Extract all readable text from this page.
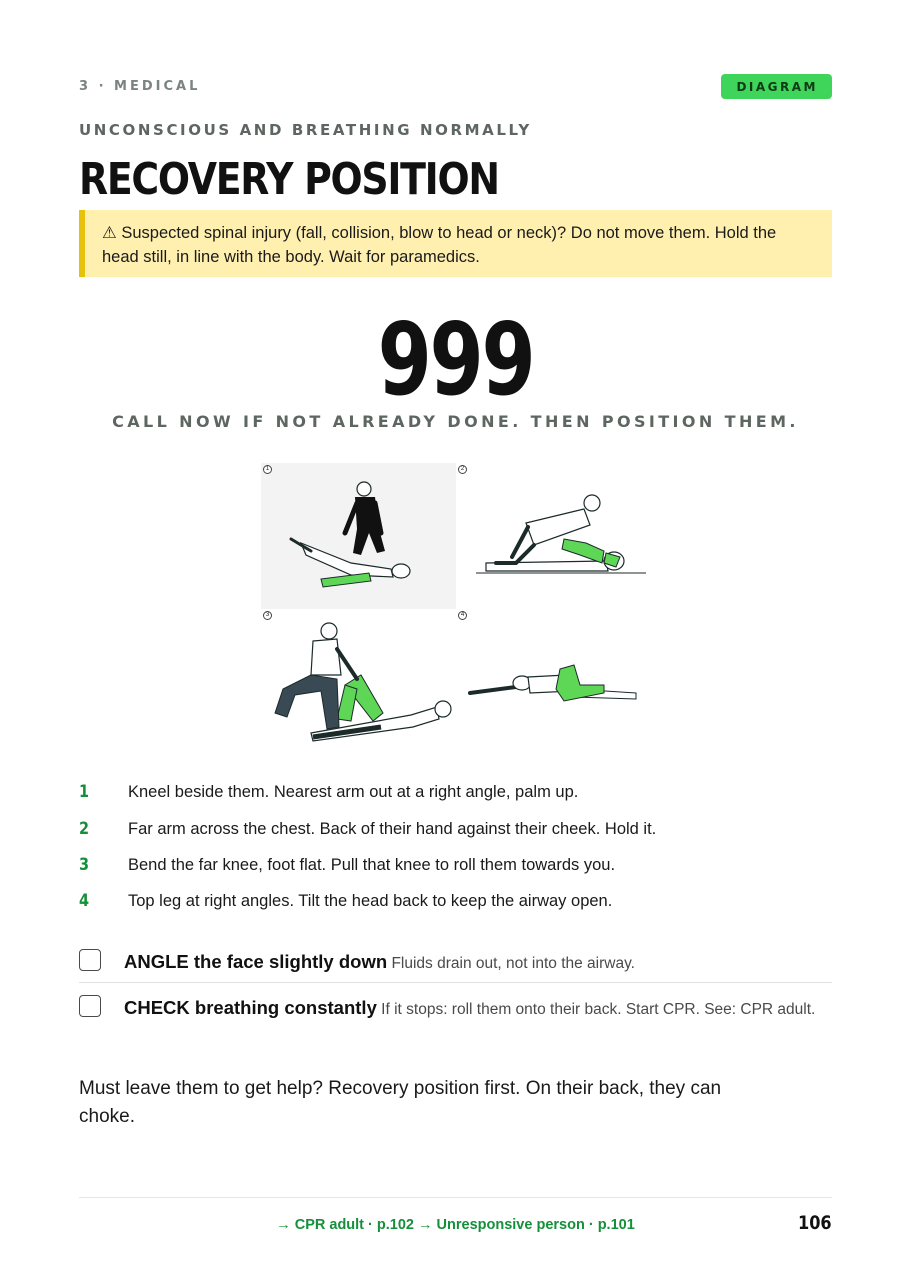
3 · MEDICAL	DIAGRAM
UNCONSCIOUS AND BREATHING NORMALLY
RECOVERY POSITION
⚠ Suspected spinal injury (fall, collision, blow to head or neck)? Do not move them. Hold the head still, in line with the body. Wait for paramedics.
999
CALL NOW IF NOT ALREADY DONE. THEN POSITION THEM.
1	2
3	4
1 Kneel beside them. Nearest arm out at a right angle, palm up.
2 Far arm across the chest. Back of their hand against their cheek. Hold it.
3 Bend the far knee, foot flat. Pull that knee to roll them towards you.
4 Top leg at right angles. Tilt the head back to keep the airway open.
ANGLE the face slightly down Fluids drain out, not into the airway.
CHECK breathing constantly If it stops: roll them onto their back. Start CPR. See: CPR adult.

Must leave them to get help? Recovery position first. On their back, they can choke.

→ CPR adult · p.102 → Unresponsive person · p.101	106
